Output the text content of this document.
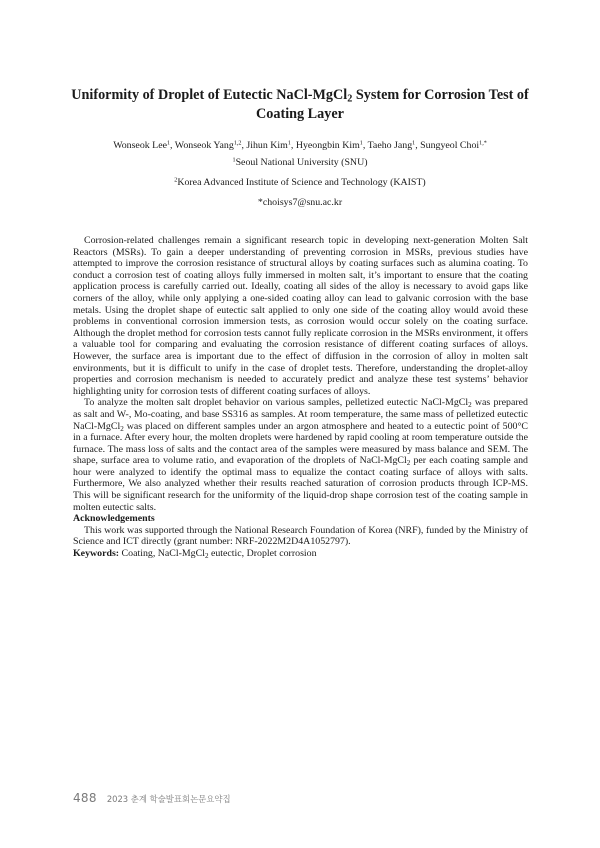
Uniformity of Droplet of Eutectic NaCl-MgCl$_2$ System for Corrosion Test of Coating Layer
Wonseok Lee$^1$, Wonseok Yang$^{1,2}$, Jihun Kim$^1$, Hyeongbin Kim$^1$, Taeho Jang$^1$, Sungyeol Choi$^{1,*}$
$^1$Seoul National University (SNU)
$^2$Korea Advanced Institute of Science and Technology (KAIST)
*choisys7@snu.ac.kr

Corrosion-related challenges remain a significant research topic in developing next-generation Molten Salt Reactors (MSRs). To gain a deeper understanding of preventing corrosion in MSRs, previous studies have attempted to improve the corrosion resistance of structural alloys by coating surfaces such as alumina coating. To conduct a corrosion test of coating alloys fully immersed in molten salt, it’s important to ensure that the coating application process is carefully carried out. Ideally, coating all sides of the alloy is necessary to avoid gaps like corners of the alloy, while only applying a one-sided coating alloy can lead to galvanic corrosion with the base metals. Using the droplet shape of eutectic salt applied to only one side of the coating alloy would avoid these problems in conventional corrosion immersion tests, as corrosion would occur solely on the coating surface. Although the droplet method for corrosion tests cannot fully replicate corrosion in the MSRs environment, it offers a valuable tool for comparing and evaluating the corrosion resistance of different coating surfaces of alloys. However, the surface area is important due to the effect of diffusion in the corrosion of alloy in molten salt environments, but it is difficult to unify in the case of droplet tests. Therefore, understanding the droplet-alloy properties and corrosion mechanism is needed to accurately predict and analyze these test systems’ behavior highlighting unity for corrosion tests of different coating surfaces of alloys.

To analyze the molten salt droplet behavior on various samples, pelletized eutectic NaCl-MgCl$_2$ was prepared as salt and W-, Mo-coating, and base SS316 as samples. At room temperature, the same mass of pelletized eutectic NaCl-MgCl$_2$ was placed on different samples under an argon atmosphere and heated to a eutectic point of 500°C in a furnace. After every hour, the molten droplets were hardened by rapid cooling at room temperature outside the furnace. The mass loss of salts and the contact area of the samples were measured by mass balance and SEM. The shape, surface area to volume ratio, and evaporation of the droplets of NaCl-MgCl$_2$ per each coating sample and hour were analyzed to identify the optimal mass to equalize the contact coating surface of alloys with salts. Furthermore, We also analyzed whether their results reached saturation of corrosion products through ICP-MS. This will be significant research for the uniformity of the liquid-drop shape corrosion test of the coating sample in molten eutectic salts.

Acknowledgements

This work was supported through the National Research Foundation of Korea (NRF), funded by the Ministry of Science and ICT directly (grant number: NRF-2022M2D4A1052797).

Keywords: Coating, NaCl-MgCl$_2$ eutectic, Droplet corrosion

488 2023 춘계 학술발표회논문요약집
